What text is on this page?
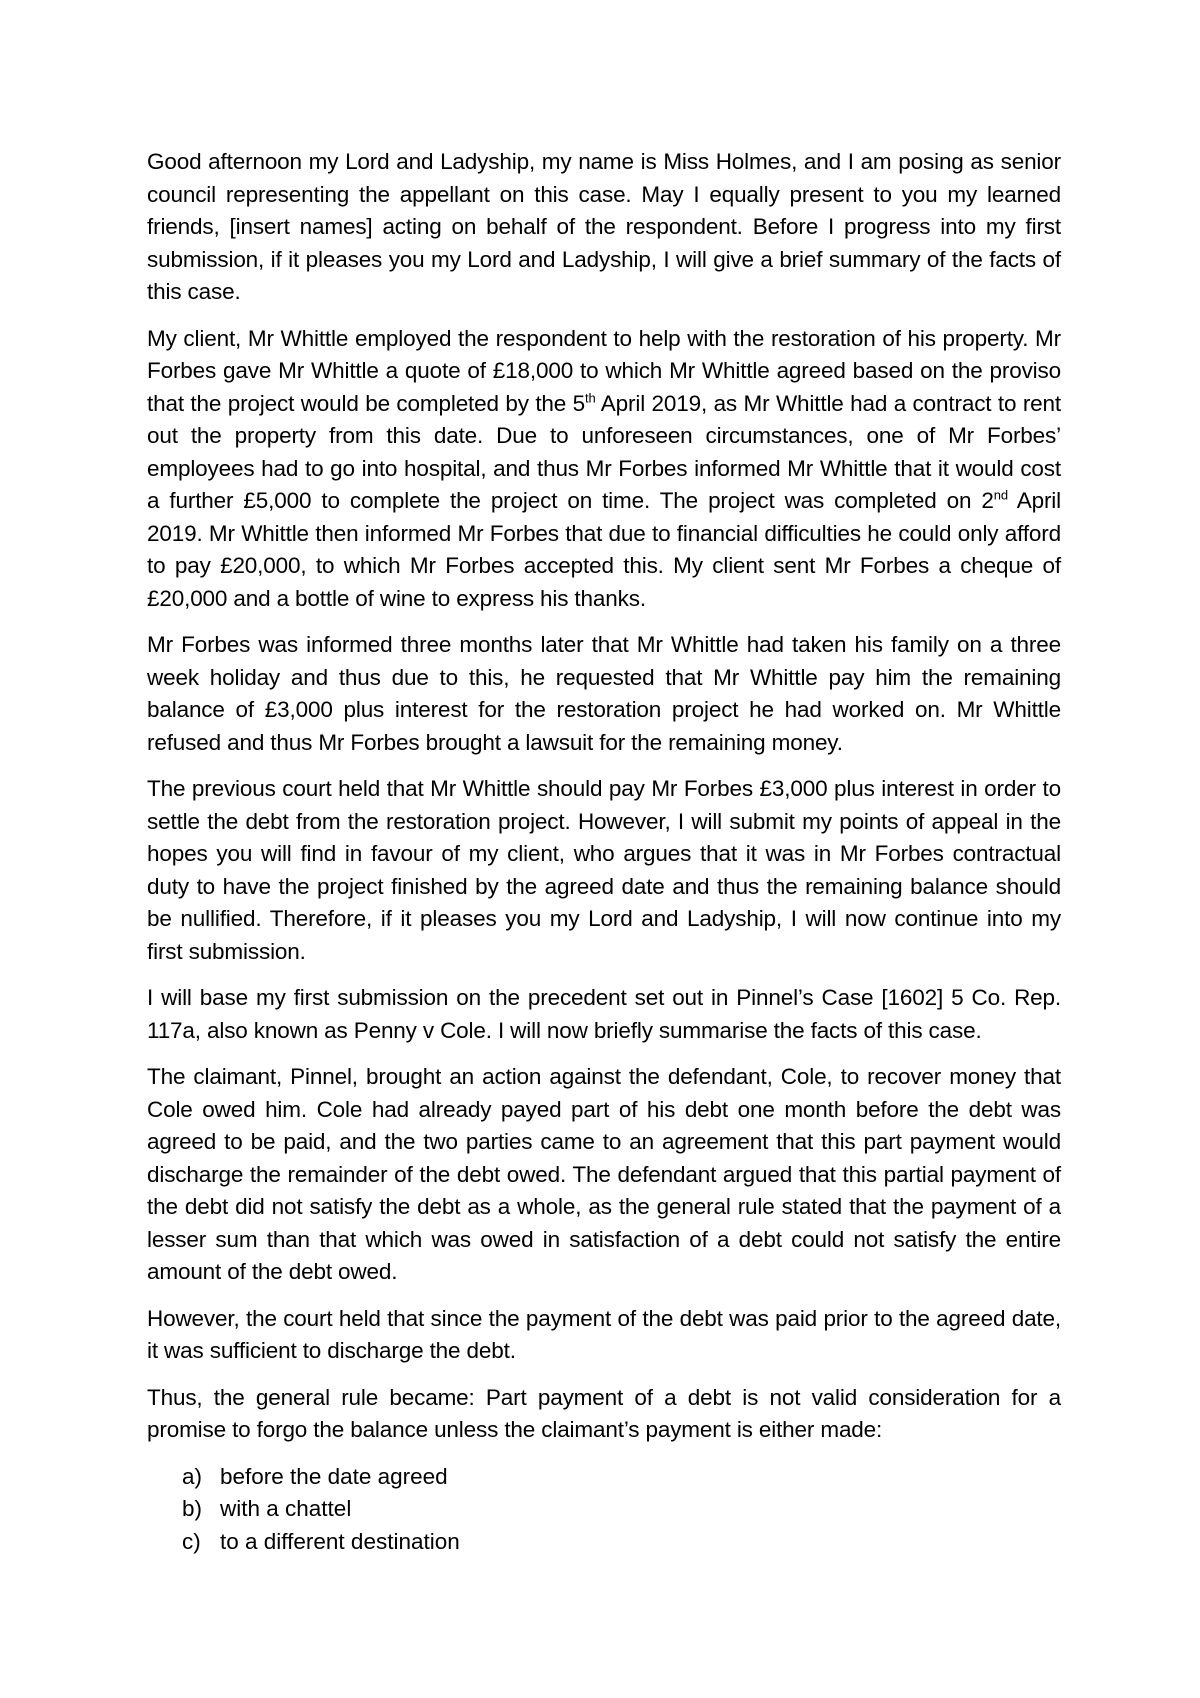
Good afternoon my Lord and Ladyship, my name is Miss Holmes, and I am posing as senior council representing the appellant on this case. May I equally present to you my learned friends, [insert names] acting on behalf of the respondent. Before I progress into my first submission, if it pleases you my Lord and Ladyship, I will give a brief summary of the facts of this case.

My client, Mr Whittle employed the respondent to help with the restoration of his property. Mr Forbes gave Mr Whittle a quote of £18,000 to which Mr Whittle agreed based on the proviso that the project would be completed by the 5th April 2019, as Mr Whittle had a contract to rent out the property from this date. Due to unforeseen circumstances, one of Mr Forbes’ employees had to go into hospital, and thus Mr Forbes informed Mr Whittle that it would cost a further £5,000 to complete the project on time. The project was completed on 2nd April 2019. Mr Whittle then informed Mr Forbes that due to financial difficulties he could only afford to pay £20,000, to which Mr Forbes accepted this. My client sent Mr Forbes a cheque of £20,000 and a bottle of wine to express his thanks.

Mr Forbes was informed three months later that Mr Whittle had taken his family on a three week holiday and thus due to this, he requested that Mr Whittle pay him the remaining balance of £3,000 plus interest for the restoration project he had worked on. Mr Whittle refused and thus Mr Forbes brought a lawsuit for the remaining money.

The previous court held that Mr Whittle should pay Mr Forbes £3,000 plus interest in order to settle the debt from the restoration project. However, I will submit my points of appeal in the hopes you will find in favour of my client, who argues that it was in Mr Forbes contractual duty to have the project finished by the agreed date and thus the remaining balance should be nullified. Therefore, if it pleases you my Lord and Ladyship, I will now continue into my first submission.

I will base my first submission on the precedent set out in Pinnel’s Case [1602] 5 Co. Rep. 117a, also known as Penny v Cole. I will now briefly summarise the facts of this case.

The claimant, Pinnel, brought an action against the defendant, Cole, to recover money that Cole owed him. Cole had already payed part of his debt one month before the debt was agreed to be paid, and the two parties came to an agreement that this part payment would discharge the remainder of the debt owed. The defendant argued that this partial payment of the debt did not satisfy the debt as a whole, as the general rule stated that the payment of a lesser sum than that which was owed in satisfaction of a debt could not satisfy the entire amount of the debt owed.

However, the court held that since the payment of the debt was paid prior to the agreed date, it was sufficient to discharge the debt.

Thus, the general rule became: Part payment of a debt is not valid consideration for a promise to forgo the balance unless the claimant’s payment is either made:

a) before the date agreed
b) with a chattel
c) to a different destination
